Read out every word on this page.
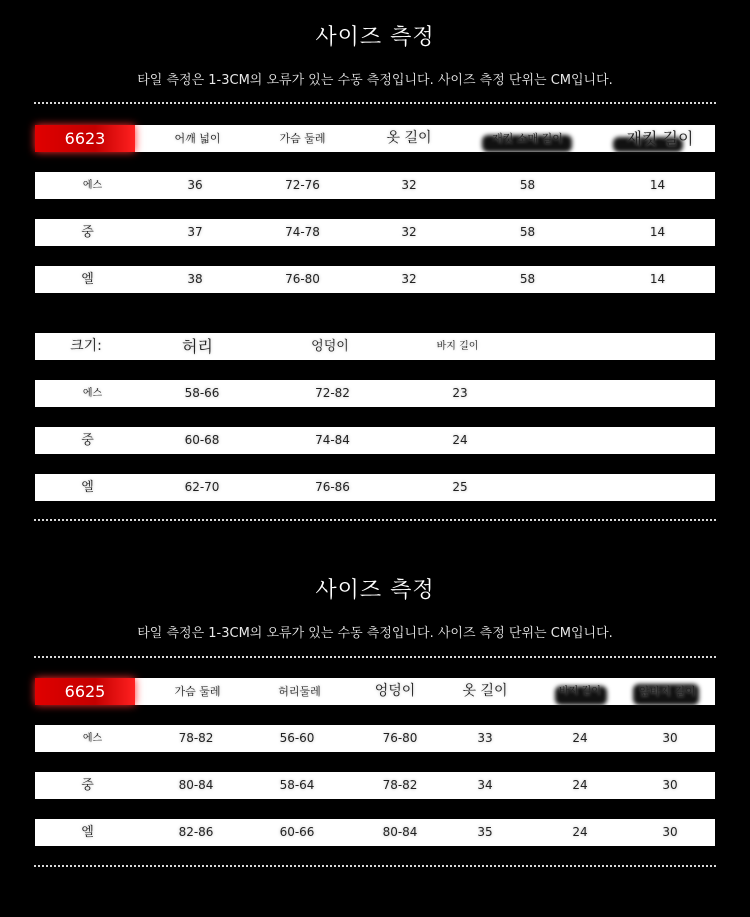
사이즈 측정
타일 측정은 1-3CM의 오류가 있는 수동 측정입니다. 사이즈 측정 단위는 CM입니다.
6623	어깨 넓이	가슴 둘레	옷 길이	재킷 소매 길이	재킷 길이
에스	36	72-76	32	58	14
중	37	74-78	32	58	14
엘	38	76-80	32	58	14
크기:	허리	엉덩이	바지 길이
에스	58-66	72-82	23
중	60-68	74-84	24
엘	62-70	76-86	25
사이즈 측정
타일 측정은 1-3CM의 오류가 있는 수동 측정입니다. 사이즈 측정 단위는 CM입니다.
6625	가슴 둘레	허리둘레	엉덩이	옷 길이	바지 길이	앞바지 길이
에스	78-82	56-60	76-80	33	24	30
중	80-84	58-64	78-82	34	24	30
엘	82-86	60-66	80-84	35	24	30
